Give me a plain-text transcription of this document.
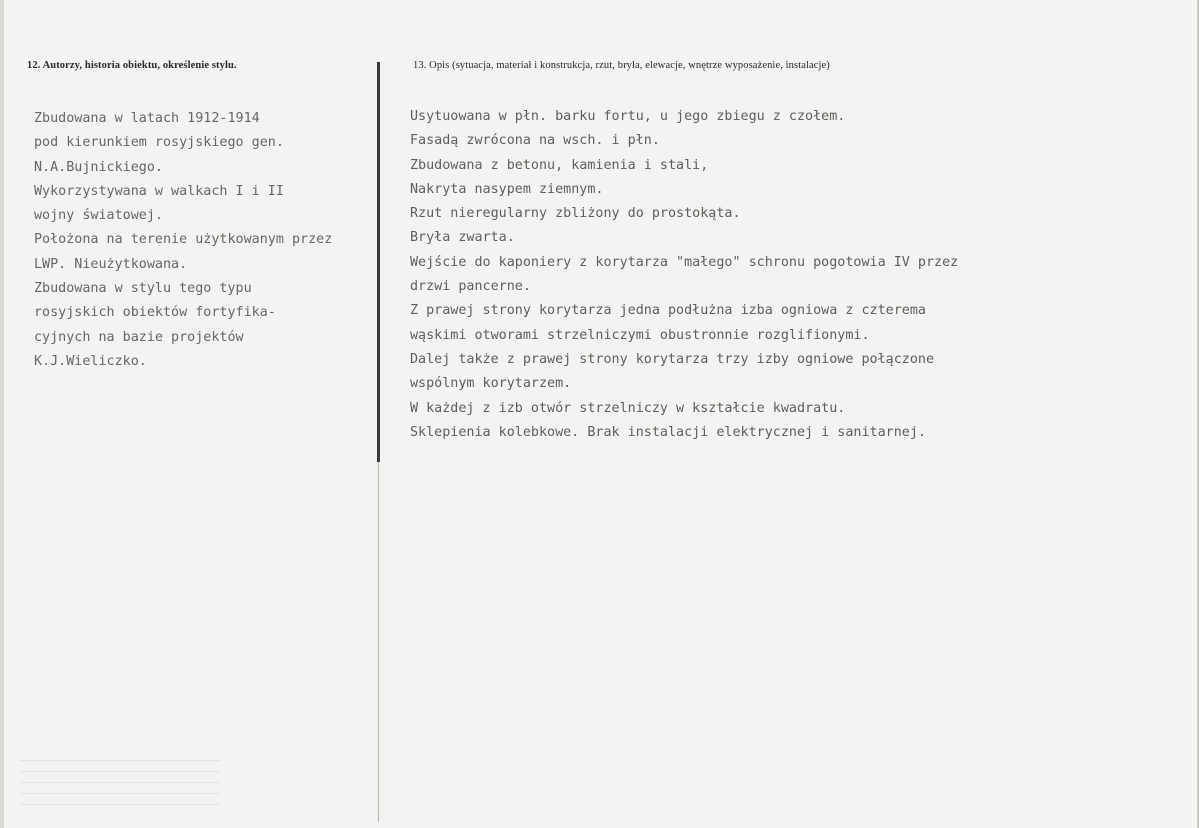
12. Autorzy, historia obiektu, określenie stylu.	13. Opis (sytuacja, materiał i konstrukcja, rzut, bryła, elewacje, wnętrze wyposażenie, instalacje)
Zbudowana w latach 1912-1914
pod kierunkiem rosyjskiego gen.
N.A.Bujnickiego.
Wykorzystywana w walkach I i II
wojny światowej.
Położona na terenie użytkowanym przez
LWP. Nieużytkowana.
Zbudowana w stylu tego typu
rosyjskich obiektów fortyfika-
cyjnych na bazie projektów
K.J.Wieliczko.
Usytuowana w płn. barku fortu, u jego zbiegu z czołem.
Fasadą zwrócona na wsch. i płn.
Zbudowana z betonu, kamienia i stali,
Nakryta nasypem ziemnym.
Rzut nieregularny zbliżony do prostokąta.
Bryła zwarta.
Wejście do kaponiery z korytarza "małego" schronu pogotowia IV przez
drzwi pancerne.
Z prawej strony korytarza jedna podłużna izba ogniowa z czterema
wąskimi otworami strzelniczymi obustronnie rozglifionymi.
Dalej także z prawej strony korytarza trzy izby ogniowe połączone
wspólnym korytarzem.
W każdej z izb otwór strzelniczy w kształcie kwadratu.
Sklepienia kolebkowe. Brak instalacji elektrycznej i sanitarnej.
